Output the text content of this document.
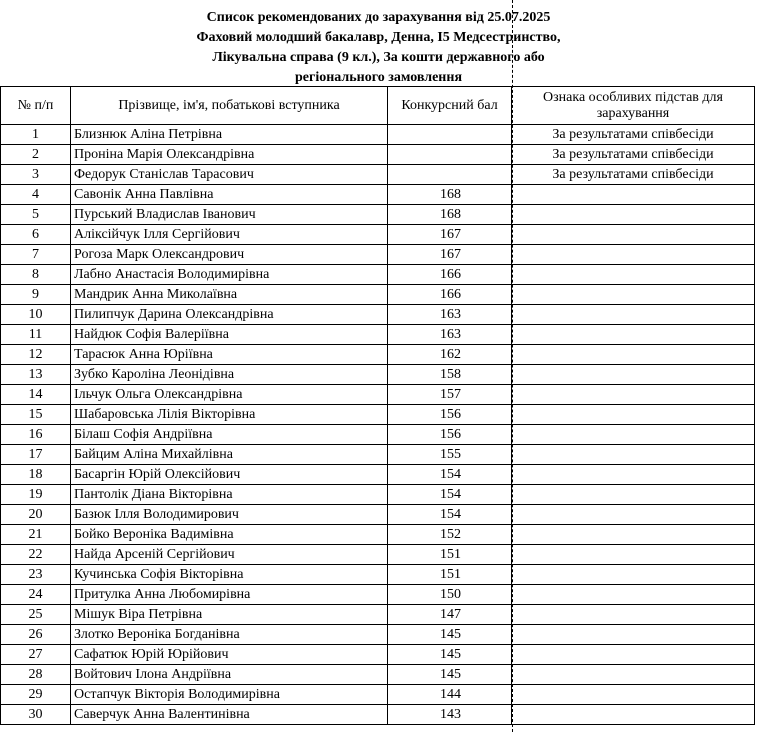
Список рекомендованих до зарахування від 25.07.2025
Фаховий молодший бакалавр, Денна, І5 Медсестринство,
Лікувальна справа (9 кл.), За кошти державного або
регіонального замовлення
№ п/п	Прізвище, ім'я, побатькові вступника	Конкурсний бал	Ознака особливих підстав для зарахування
1	Близнюк Аліна Петрівна		За результатами співбесіди
2	Проніна Марія Олександрівна		За результатами співбесіди
3	Федорук Станіслав Тарасович		За результатами співбесіди
4	Савонік Анна Павлівна	168	
5	Пурський Владислав Іванович	168	
6	Аліксійчук Ілля Сергійович	167	
7	Рогоза Марк Олександрович	167	
8	Лабно Анастасія Володимирівна	166	
9	Мандрик Анна Миколаївна	166	
10	Пилипчук Дарина Олександрівна	163	
11	Найдюк Софія Валеріївна	163	
12	Тарасюк Анна Юріївна	162	
13	Зубко Кароліна Леонідівна	158	
14	Ільчук Ольга Олександрівна	157	
15	Шабаровська Лілія Вікторівна	156	
16	Білаш Софія Андріївна	156	
17	Байцим Аліна Михайлівна	155	
18	Басаргін Юрій Олексійович	154	
19	Пантолік Діана Вікторівна	154	
20	Базюк Ілля Володимирович	154	
21	Бойко Вероніка Вадимівна	152	
22	Найда Арсеній Сергійович	151	
23	Кучинська Софія Вікторівна	151	
24	Притулка Анна Любомирівна	150	
25	Мішук Віра Петрівна	147	
26	Злотко Вероніка Богданівна	145	
27	Сафатюк Юрій Юрійович	145	
28	Войтович Ілона Андріївна	145	
29	Остапчук Вікторія Володимирівна	144	
30	Саверчук Анна Валентинівна	143	
